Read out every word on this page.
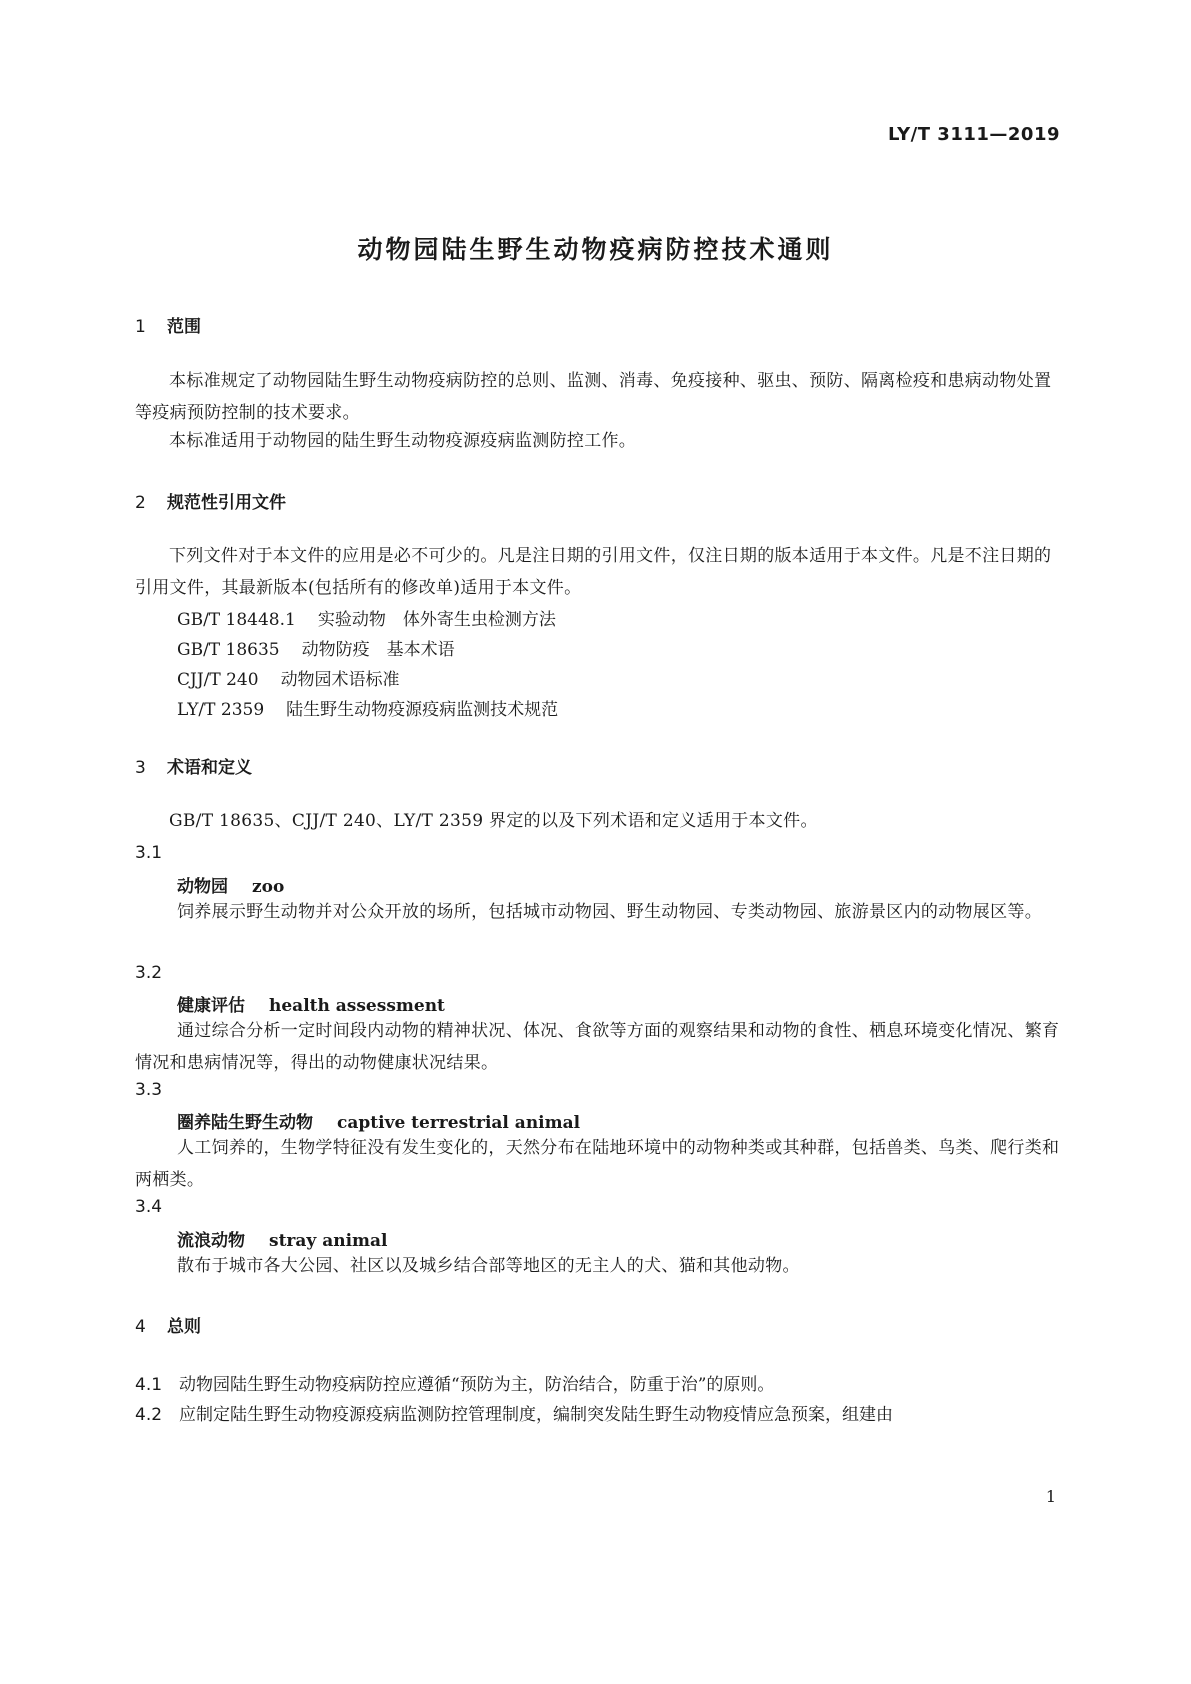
LY/T 3111—2019
动物园陆生野生动物疫病防控技术通则
1 范围
本标准规定了动物园陆生野生动物疫病防控的总则、监测、消毒、免疫接种、驱虫、预防、隔离检疫和患病动物处置等疫病预防控制的技术要求。
本标准适用于动物园的陆生野生动物疫源疫病监测防控工作。
2 规范性引用文件
下列文件对于本文件的应用是必不可少的。凡是注日期的引用文件，仅注日期的版本适用于本文件。凡是不注日期的引用文件，其最新版本(包括所有的修改单)适用于本文件。
GB/T 18448.1 实验动物　体外寄生虫检测方法
GB/T 18635 动物防疫　基本术语
CJJ/T 240 动物园术语标准
LY/T 2359 陆生野生动物疫源疫病监测技术规范
3 术语和定义
GB/T 18635、CJJ/T 240、LY/T 2359 界定的以及下列术语和定义适用于本文件。
3.1
动物园 zoo
饲养展示野生动物并对公众开放的场所，包括城市动物园、野生动物园、专类动物园、旅游景区内的动物展区等。
3.2
健康评估 health assessment
通过综合分析一定时间段内动物的精神状况、体况、食欲等方面的观察结果和动物的食性、栖息环境变化情况、繁育情况和患病情况等，得出的动物健康状况结果。
3.3
圈养陆生野生动物 captive terrestrial animal
人工饲养的，生物学特征没有发生变化的，天然分布在陆地环境中的动物种类或其种群，包括兽类、鸟类、爬行类和两栖类。
3.4
流浪动物 stray animal
散布于城市各大公园、社区以及城乡结合部等地区的无主人的犬、猫和其他动物。
4 总则
4.1 动物园陆生野生动物疫病防控应遵循“预防为主，防治结合，防重于治”的原则。
4.2 应制定陆生野生动物疫源疫病监测防控管理制度，编制突发陆生野生动物疫情应急预案，组建由
1
